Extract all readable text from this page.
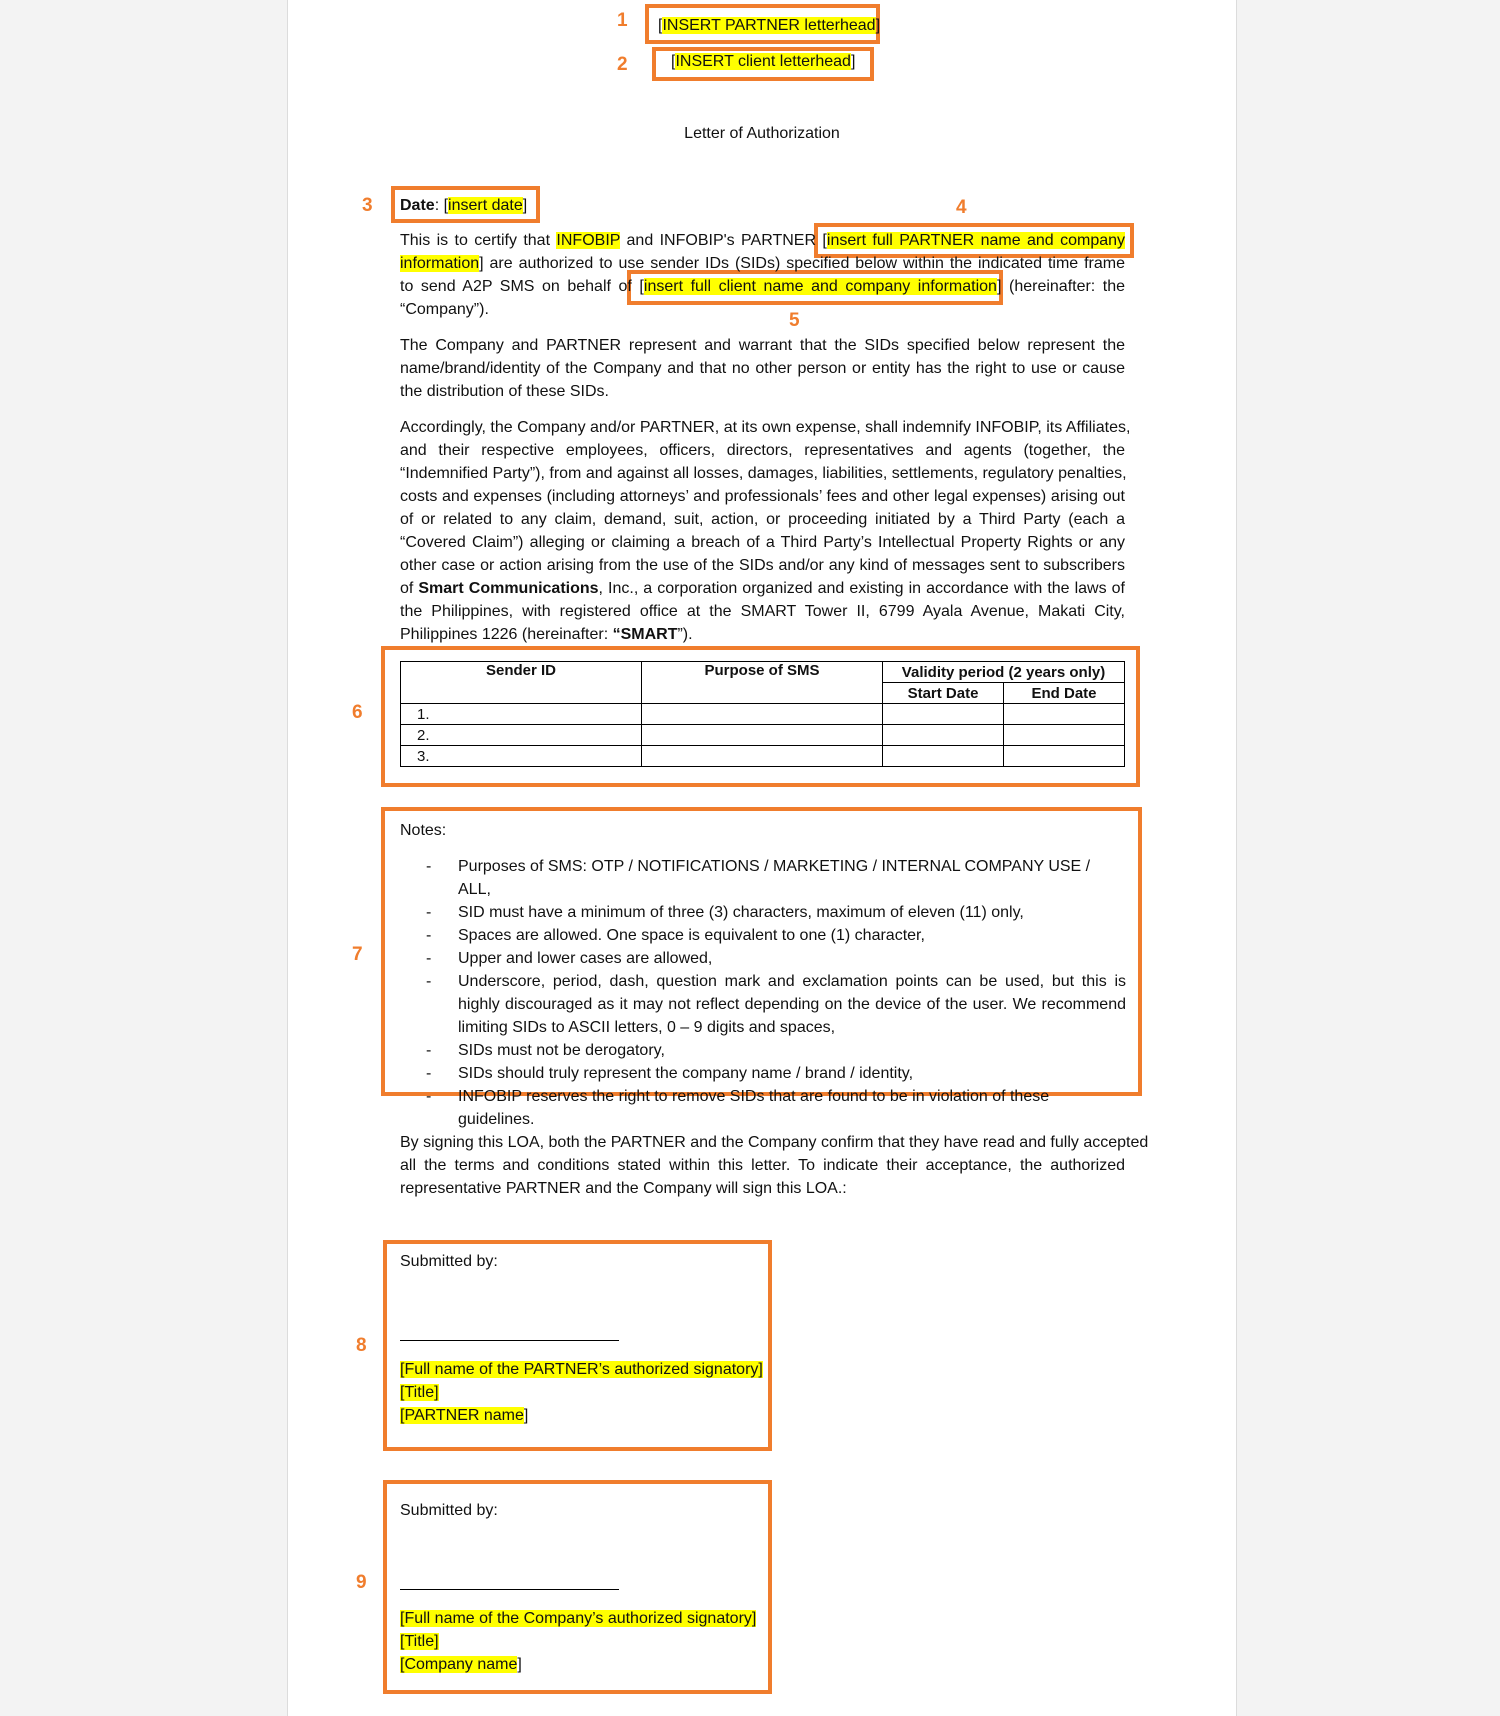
1
2
3	4
5
6
7
8
9
[INSERT PARTNER letterhead]
[INSERT client letterhead]
Letter of Authorization
Date: [insert date]
This is to certify that INFOBIP and INFOBIP's PARTNER [insert full PARTNER name and company
information] are authorized to use sender IDs (SIDs) specified below within the indicated time frame
to send A2P SMS on behalf of [insert full client name and company information] (hereinafter: the
“Company”).
The Company and PARTNER represent and warrant that the SIDs specified below represent the
name/brand/identity of the Company and that no other person or entity has the right to use or cause
the distribution of these SIDs.
Accordingly, the Company and/or PARTNER, at its own expense, shall indemnify INFOBIP, its Affiliates,
and their respective employees, officers, directors, representatives and agents (together, the
“Indemnified Party”), from and against all losses, damages, liabilities, settlements, regulatory penalties,
costs and expenses (including attorneys’ and professionals’ fees and other legal expenses) arising out
of or related to any claim, demand, suit, action, or proceeding initiated by a Third Party (each a
“Covered Claim”) alleging or claiming a breach of a Third Party’s Intellectual Property Rights or any
other case or action arising from the use of the SIDs and/or any kind of messages sent to subscribers
of Smart Communications, Inc., a corporation organized and existing in accordance with the laws of
the Philippines, with registered office at the SMART Tower II, 6799 Ayala Avenue, Makati City,
Philippines 1226 (hereinafter: “SMART”).
Sender ID	Purpose of SMS	Validity period (2 years only)	
		Start Date	End Date
1.			
2.			
3.			
Notes:
- Purposes of SMS: OTP / NOTIFICATIONS / MARKETING / INTERNAL COMPANY USE / ALL,
- SID must have a minimum of three (3) characters, maximum of eleven (11) only,
- Spaces are allowed. One space is equivalent to one (1) character,
- Upper and lower cases are allowed,
- Underscore, period, dash, question mark and exclamation points can be used, but this is highly discouraged as it may not reflect depending on the device of the user. We recommend limiting SIDs to ASCII letters, 0 – 9 digits and spaces,
- SIDs must not be derogatory,
- SIDs should truly represent the company name / brand / identity,
- INFOBIP reserves the right to remove SIDs that are found to be in violation of these guidelines.
By signing this LOA, both the PARTNER and the Company confirm that they have read and fully accepted
all the terms and conditions stated within this letter. To indicate their acceptance, the authorized
representative PARTNER and the Company will sign this LOA.:
Submitted by:
[Full name of the PARTNER’s authorized signatory]
[Title]
[PARTNER name]
Submitted by:
[Full name of the Company’s authorized signatory]
[Title]
[Company name]
